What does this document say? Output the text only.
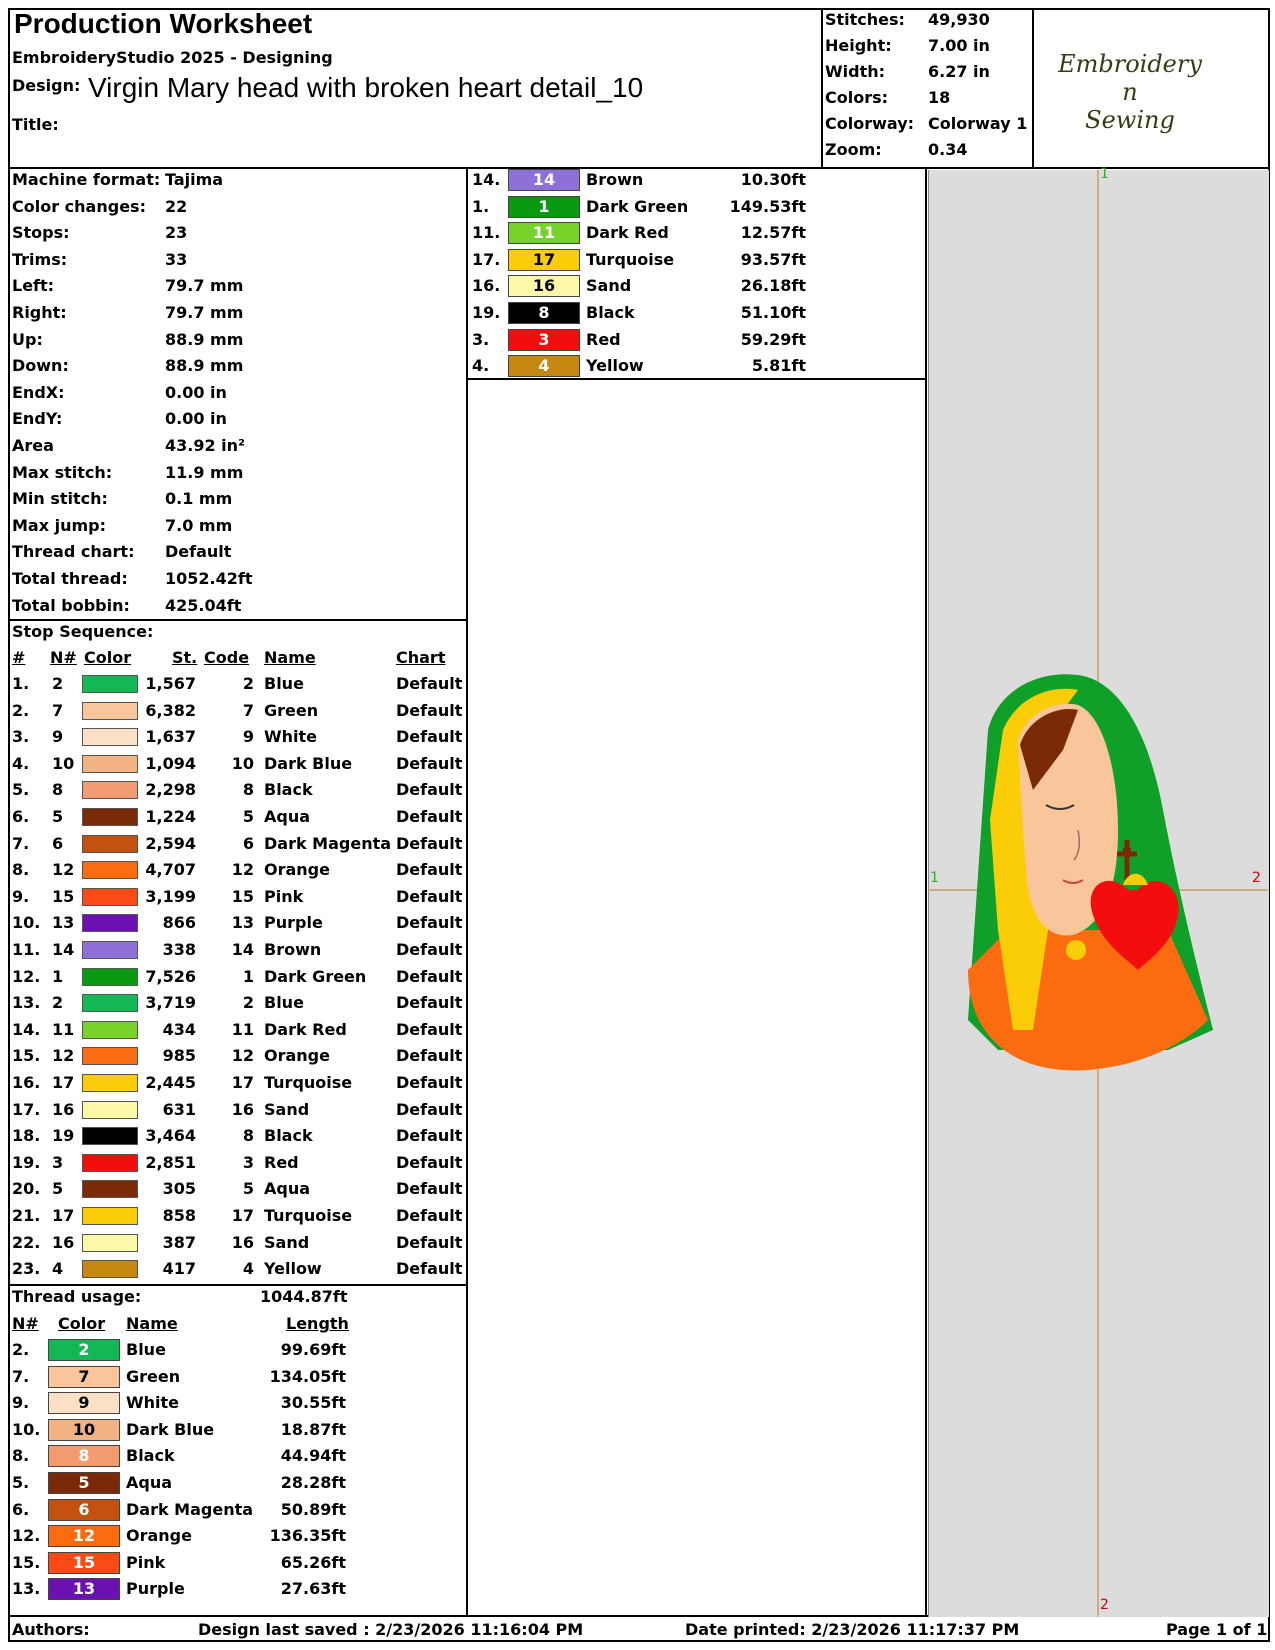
Production Worksheet
EmbroideryStudio 2025 - Designing
Design: Virgin Mary head with broken heart detail_10
Title:
Stitches: 49,930
Height: 7.00 in
Width:	6.27 in
Colors: 18
Colorway: Colorway 1
Zoom:	0.34
Embroidery
n
Sewing
Machine format: Tajima
Color changes: 22
Stops:	23
Trims:	33
Left:	79.7 mm
Right:	79.7 mm
Up:	88.9 mm
Down:	88.9 mm
EndX:	0.00 in
EndY:	0.00 in
Area	43.92 in²
Max stitch:	11.9 mm
Min stitch:	0.1 mm
Max jump:	7.0 mm
Thread chart: Default
Total thread: 1052.42ft
Total bobbin: 425.04ft
Stop Sequence:
# N# Color	St. Code Name	Chart
1. 2	1,567	2 Blue	Default
2. 7	6,382	7 Green	Default
3. 9	1,637	9 White	Default
4. 10	1,094	10 Dark Blue	Default
5. 8	2,298	8 Black	Default
6. 5	1,224	5 Aqua	Default
7. 6	2,594	6 Dark Magenta Default
8. 12	4,707	12 Orange	Default
9. 15	3,199	15 Pink	Default
10. 13	866	13 Purple	Default
11. 14	338	14 Brown	Default
12. 1	7,526	1 Dark Green Default
13. 2	3,719	2 Blue	Default
14. 11	434	11 Dark Red	Default
15. 12	985	12 Orange	Default
16. 17	2,445	17 Turquoise	Default
17. 16	631	16 Sand	Default
18. 19	3,464	8 Black	Default
19. 3	2,851	3 Red	Default
20. 5	305	5 Aqua	Default
21. 17	858	17 Turquoise	Default
22. 16	387	16 Sand	Default
23. 4	417	4 Yellow	Default
Thread usage:	1044.87ft
N# Color Name	Length
2.	2	Blue	99.69ft
7.	7	Green	134.05ft
9.	9	White	30.55ft
10.	10	Dark Blue	18.87ft
8.	8	Black	44.94ft
5.	5	Aqua	28.28ft
6.	6	Dark Magenta	50.89ft
12.	12	Orange	136.35ft
15.	15	Pink	65.26ft
13.	13	Purple	27.63ft
14.	14	Brown	10.30ft
1.	1	Dark Green	149.53ft
11.	11	Dark Red	12.57ft
17.	17	Turquoise	93.57ft
16.	16	Sand	26.18ft
19.	8	Black	51.10ft
3.	3	Red	59.29ft
4.	4	Yellow	5.81ft
1
1	2
2
Authors:	Design last saved : 2/23/2026 11:16:04 PM	Date printed: 2/23/2026 11:17:37 PM	Page 1 of 1
